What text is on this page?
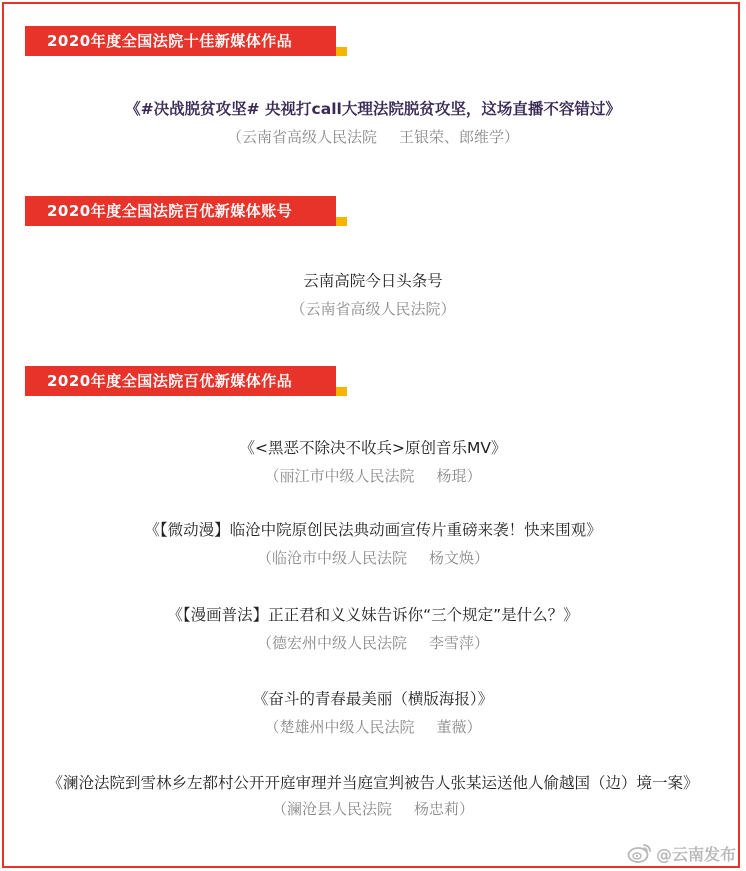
2020年度全国法院十佳新媒体作品
《#决战脱贫攻坚# 央视打call大理法院脱贫攻坚，这场直播不容错过》
（云南省高级人民法院 王银荣、郎维学）
2020年度全国法院百优新媒体账号
云南高院今日头条号
（云南省高级人民法院）
2020年度全国法院百优新媒体作品
《<黑恶不除决不收兵>原创音乐MV》
（丽江市中级人民法院 杨琨）
《【微动漫】临沧中院原创民法典动画宣传片重磅来袭！快来围观》
（临沧市中级人民法院 杨文焕）
《【漫画普法】正正君和义义妹告诉你“三个规定”是什么？》
（德宏州中级人民法院 李雪萍）
《奋斗的青春最美丽（横版海报）》
（楚雄州中级人民法院 董薇）
《澜沧法院到雪林乡左都村公开开庭审理并当庭宣判被告人张某运送他人偷越国（边）境一案》
（澜沧县人民法院 杨忠莉）
@云南发布
